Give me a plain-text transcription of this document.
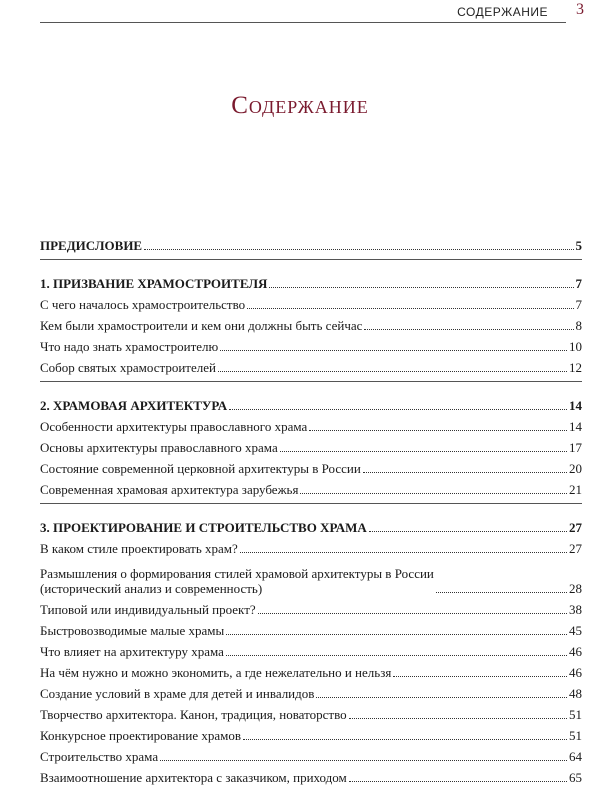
СОДЕРЖАНИЕ 3
Содержание
ПРЕДИСЛОВИЕ	5
1. ПРИЗВАНИЕ ХРАМОСТРОИТЕЛЯ	7
С чего началось храмостроительство	7
Кем были храмостроители и кем они должны быть сейчас	8
Что надо знать храмостроителю	10
Собор святых храмостроителей	12
2. ХРАМОВАЯ АРХИТЕКТУРА	14
Особенности архитектуры православного храма	14
Основы архитектуры православного храма	17
Состояние современной церковной архитектуры в России	20
Современная храмовая архитектура зарубежья	21
3. ПРОЕКТИРОВАНИЕ И СТРОИТЕЛЬСТВО ХРАМА	27
В каком стиле проектировать храм?	27
Размышления о формирования стилей храмовой архитектуры в России
(исторический анализ и современность)	28
Типовой или индивидуальный проект?	38
Быстровозводимые малые храмы	45
Что влияет на архитектуру храма	46
На чём нужно и можно экономить, а где нежелательно и нельзя	46
Создание условий в храме для детей и инвалидов	48
Творчество архитектора. Канон, традиция, новаторство	51
Конкурсное проектирование храмов	51
Строительство храма	64
Взаимоотношение архитектора с заказчиком, приходом	65
